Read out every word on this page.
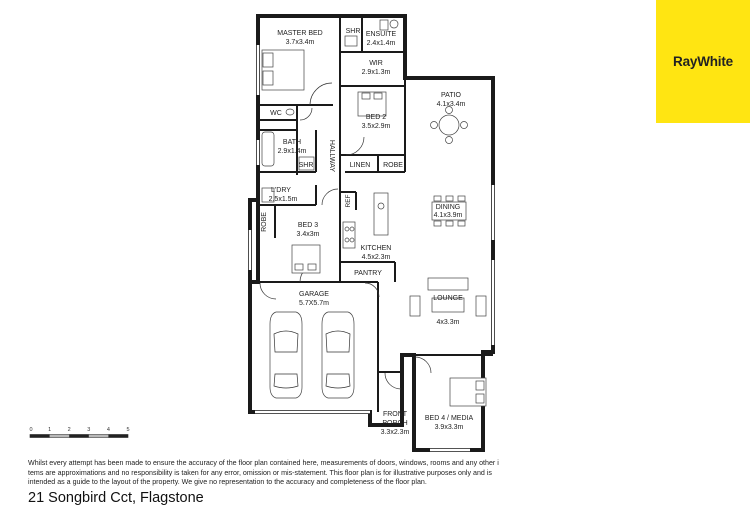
MASTER BED
3.7x3.4m
SHR ENSUITE
2.4x1.4m
WIR
2.9x1.3m
PATIO
4.1x3.4m
WC
BED 2
3.5x2.9m
BATH
2.9x1.4m
SHR HALLWAY LINEN ROBE
L'DRY
2.5x1.5m	REF	DINING
4.1x3.9m
ROBE	BED 3
3.4x3m
KITCHEN
4.5x2.3m
PANTRY
GARAGE
5.7X5.7m
LOUNGE
4x3.3m
BED 4 / MEDIA
3.9x3.3m
FRONT
PORCH
3.3x2.3m
0	1	2	3	4	5
RayWhite
Whilst every attempt has been made to ensure the accuracy of the floor plan contained here, measurements of doors, windows, rooms and any other i
tems are approximations and no responsibility is taken for any error, omission or mis-statement. This floor plan is for illustrative purposes only and is
intended as a guide to the layout of the property. We give no representation to the accuracy and completeness of the floor plan.
21 Songbird Cct, Flagstone
